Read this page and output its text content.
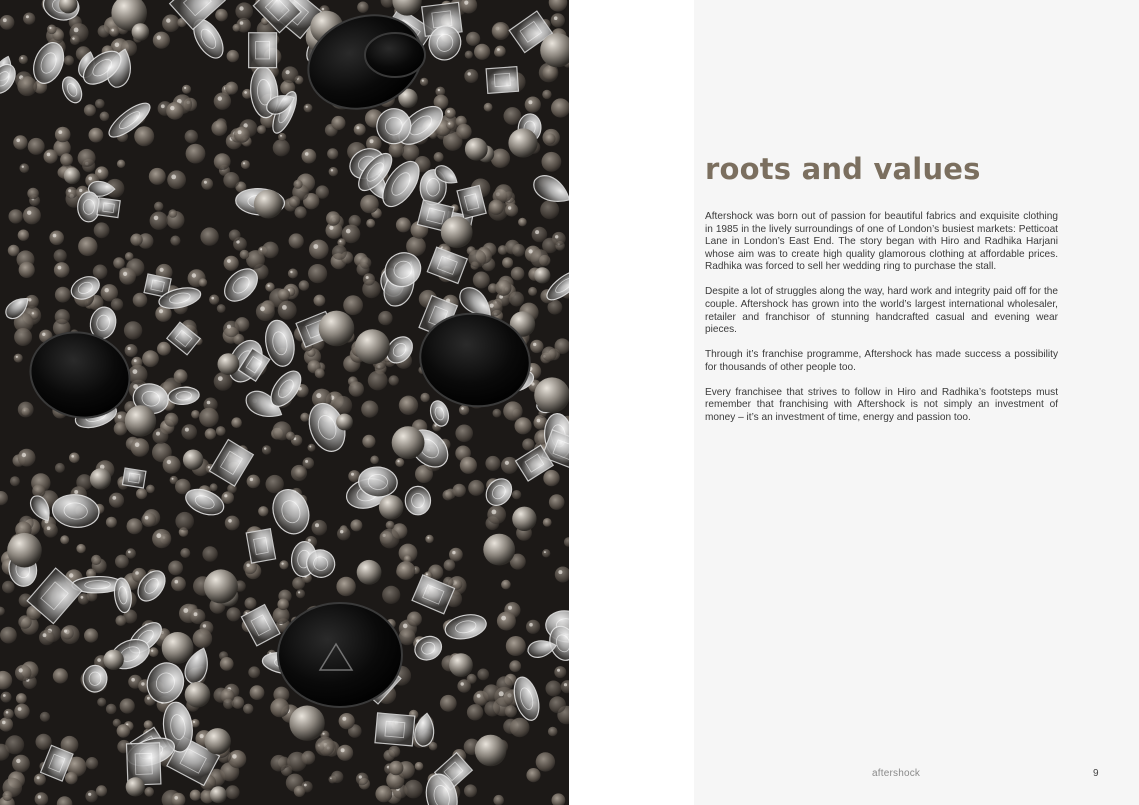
roots and values

Aftershock was born out of passion for beautiful fabrics and exquisite clothing in 1985 in the lively surroundings of one of London’s busiest markets: Petticoat Lane in London’s East End. The story began with Hiro and Radhika Harjani whose aim was to create high quality glamorous clothing at affordable prices. Radhika was forced to sell her wedding ring to purchase the stall.

Despite a lot of struggles along the way, hard work and integrity paid off for the couple. Aftershock has grown into the world’s largest international wholesaler, retailer and franchisor of stunning handcrafted casual and evening wear pieces.

Through it’s franchise programme, Aftershock has made success a possibility for thousands of other people too.

Every franchisee that strives to follow in Hiro and Radhika’s footsteps must remember that franchising with Aftershock is not simply an investment of money – it’s an investment of time, energy and passion too.

aftershock	9
